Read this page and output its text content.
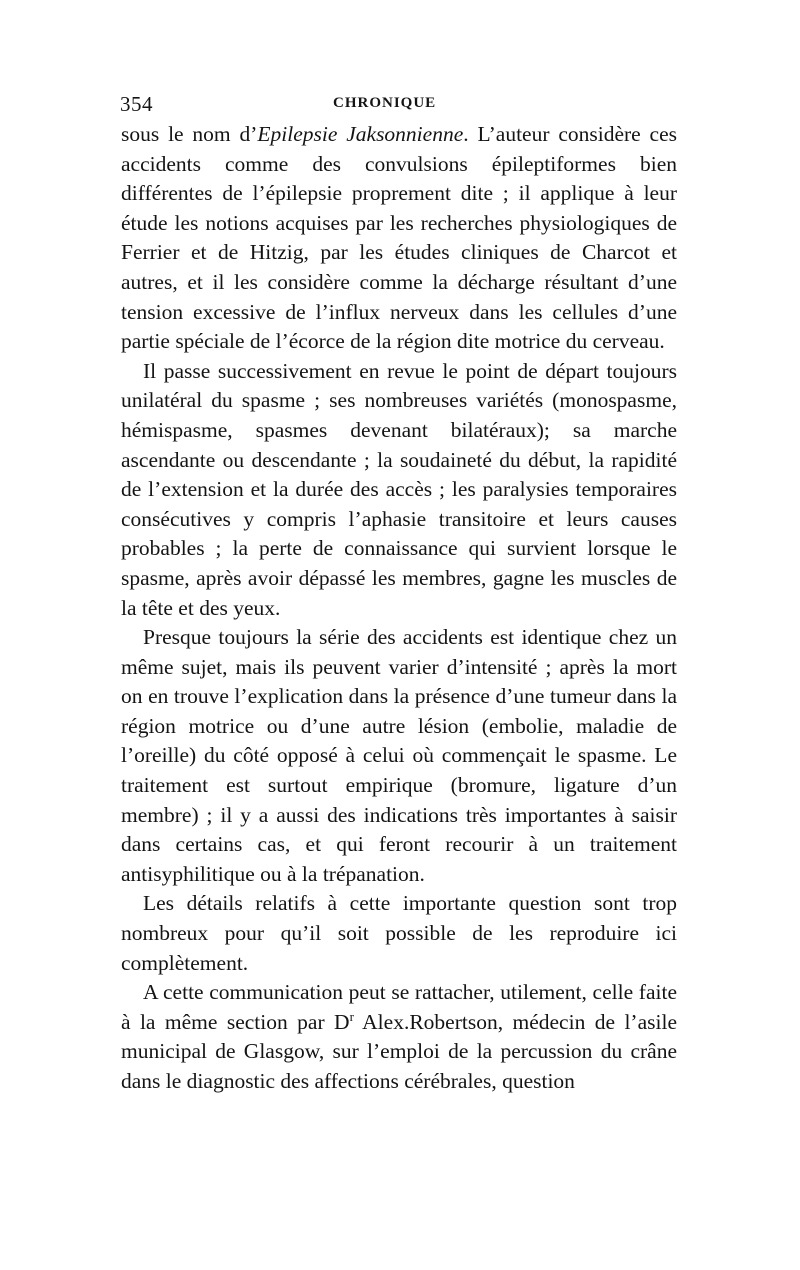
354	CHRONIQUE

sous le nom d’Epilepsie Jaksonnienne. L’auteur considère ces accidents comme des convulsions épileptiformes bien différentes de l’épilepsie proprement dite ; il applique à leur étude les notions acquises par les recherches physiologiques de Ferrier et de Hitzig, par les études cliniques de Charcot et autres, et il les considère comme la décharge résultant d’une tension excessive de l’influx nerveux dans les cellules d’une partie spéciale de l’écorce de la région dite motrice du cerveau.

Il passe successivement en revue le point de départ toujours unilatéral du spasme ; ses nombreuses variétés (monospasme, hémispasme, spasmes devenant bilatéraux); sa marche ascendante ou descendante ; la soudaineté du début, la rapidité de l’extension et la durée des accès ; les paralysies temporaires consécutives y compris l’aphasie transitoire et leurs causes probables ; la perte de connaissance qui survient lorsque le spasme, après avoir dépassé les membres, gagne les muscles de la tête et des yeux.

Presque toujours la série des accidents est identique chez un même sujet, mais ils peuvent varier d’intensité ; après la mort on en trouve l’explication dans la présence d’une tumeur dans la région motrice ou d’une autre lésion (embolie, maladie de l’oreille) du côté opposé à celui où commençait le spasme. Le traitement est surtout empirique (bromure, ligature d’un membre) ; il y a aussi des indications très importantes à saisir dans certains cas, et qui feront recourir à un traitement antisyphilitique ou à la trépanation.

Les détails relatifs à cette importante question sont trop nombreux pour qu’il soit possible de les reproduire ici complètement.

A cette communication peut se rattacher, utilement, celle faite à la même section par $D^r$ Alex.Robertson, médecin de l’asile municipal de Glasgow, sur l’emploi de la percussion du crâne dans le diagnostic des affections cérébrales, question
